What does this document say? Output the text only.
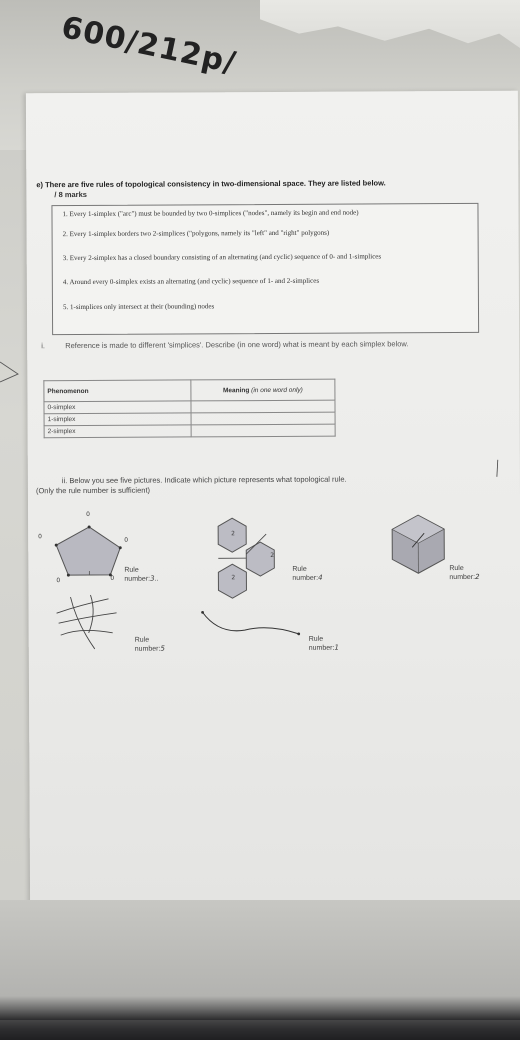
600/212p/
e) There are five rules of topological consistency in two-dimensional space. They are listed below.
/ 8 marks
1. Every 1-simplex ("arc") must be bounded by two 0-simplices ("nodes", namely its begin and end node)
2. Every 1-simplex borders two 2-simplices ("polygons, namely its "left" and "right" polygons)
3. Every 2-simplex has a closed boundary consisting of an alternating (and cyclic) sequence of 0- and 1-simplices
4. Around every 0-simplex exists an alternating (and cyclic) sequence of 1- and 2-simplices
5. 1-simplices only intersect at their (bounding) nodes
i.	Reference is made to different 'simplices'. Describe (in one word) what is meant by each simplex below.
Phenomenon	Meaning (in one word only)
0-simplex	
1-simplex	
2-simplex	
ii. Below you see five pictures. Indicate which picture represents what topological rule.
(Only the rule number is sufficient)
0
0
0
0	0
Rule
number:3..
2
2
2
Rule
number:4
Rule
number:2
Rule
number:5
Rule
number:1
